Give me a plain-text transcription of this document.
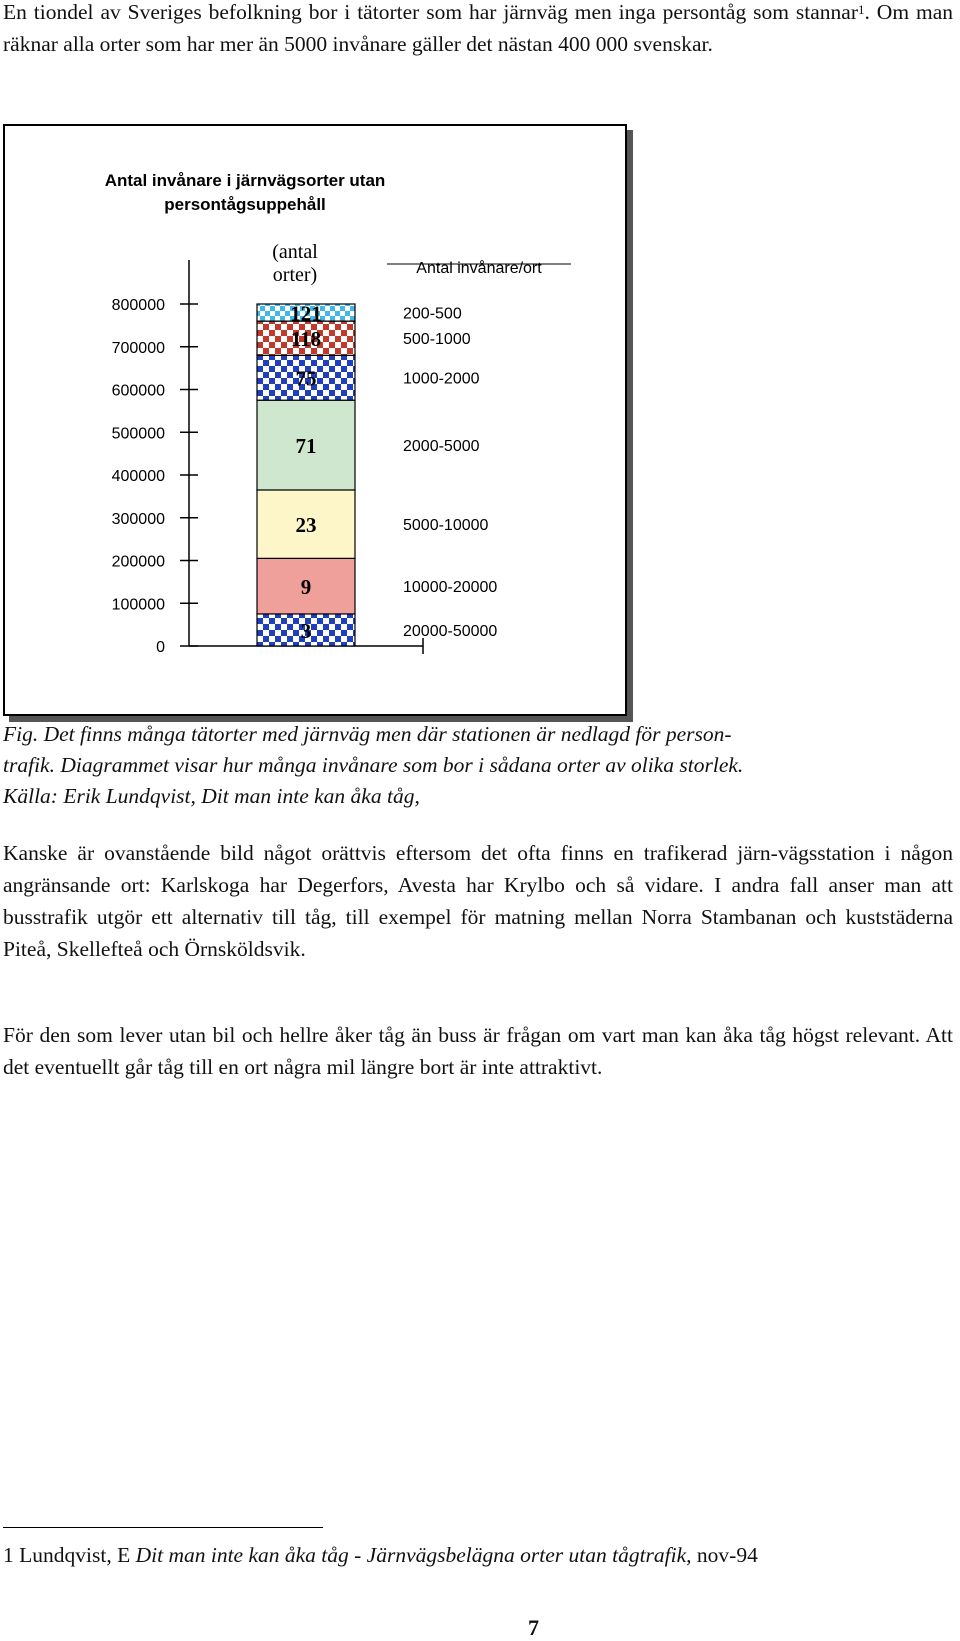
En tiondel av Sveriges befolkning bor i tätorter som har järnväg men inga persontåg som stannar$^1$. Om man räknar alla orter som har mer än 5000 invånare gäller det nästan 400 000 svenskar.

Antal invånare i järnvägsorter utan
persontågsuppehåll
(antal
orter)	Antal invånare/ort
800000
700000
600000
500000
400000
300000
200000
100000
0
3	20000-50000
9	10000-20000
23	5000-10000
71	2000-5000
75	1000-2000
118	500-1000
121	200-500

Fig. Det finns många tätorter med järnväg men där stationen är nedlagd för person-
trafik. Diagrammet visar hur många invånare som bor i sådana orter av olika storlek.
Källa: Erik Lundqvist, Dit man inte kan åka tåg,

Kanske är ovanstående bild något orättvis eftersom det ofta finns en trafikerad järn-vägsstation i någon angränsande ort: Karlskoga har Degerfors, Avesta har Krylbo och så vidare. I andra fall anser man att busstrafik utgör ett alternativ till tåg, till exempel för matning mellan Norra Stambanan och kuststäderna Piteå, Skellefteå och Örnsköldsvik.

För den som lever utan bil och hellre åker tåg än buss är frågan om vart man kan åka tåg högst relevant. Att det eventuellt går tåg till en ort några mil längre bort är inte attraktivt.

1 Lundqvist, E Dit man inte kan åka tåg - Järnvägsbelägna orter utan tågtrafik, nov-94

7
